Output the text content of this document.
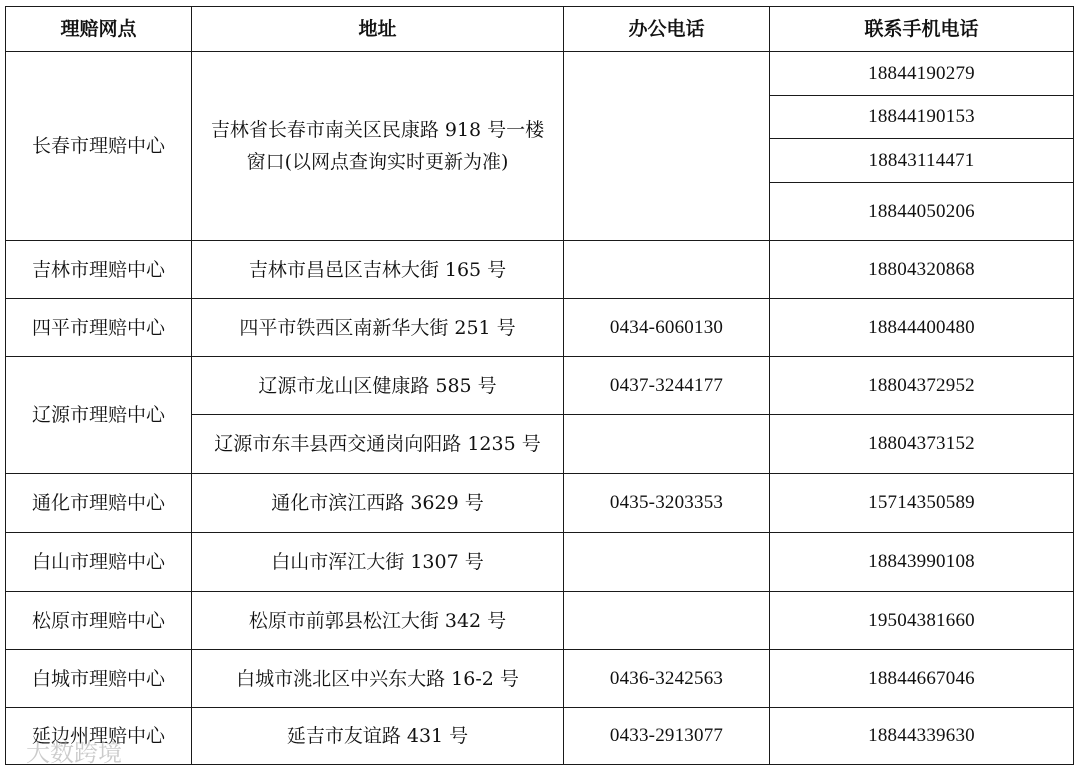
理赔网点	地址	办公电话	联系手机电话
长春市理赔中心	吉林省长春市南关区民康路 918 号一楼窗口(以网点查询实时更新为准)		18844190279
			18844190153
			18843114471
			18844050206
吉林市理赔中心	吉林市昌邑区吉林大街 165 号		18804320868
四平市理赔中心	四平市铁西区南新华大街 251 号	0434-6060130	18844400480
辽源市理赔中心	辽源市龙山区健康路 585 号	0437-3244177	18804372952
	辽源市东丰县西交通岗向阳路 1235 号		18804373152
通化市理赔中心	通化市滨江西路 3629 号	0435-3203353	15714350589
白山市理赔中心	白山市浑江大街 1307 号		18843990108
松原市理赔中心	松原市前郭县松江大街 342 号		19504381660
白城市理赔中心	白城市洮北区中兴东大路 16-2 号	0436-3242563	18844667046
延边州理赔中心	延吉市友谊路 431 号	0433-2913077	18844339630
大数跨境
